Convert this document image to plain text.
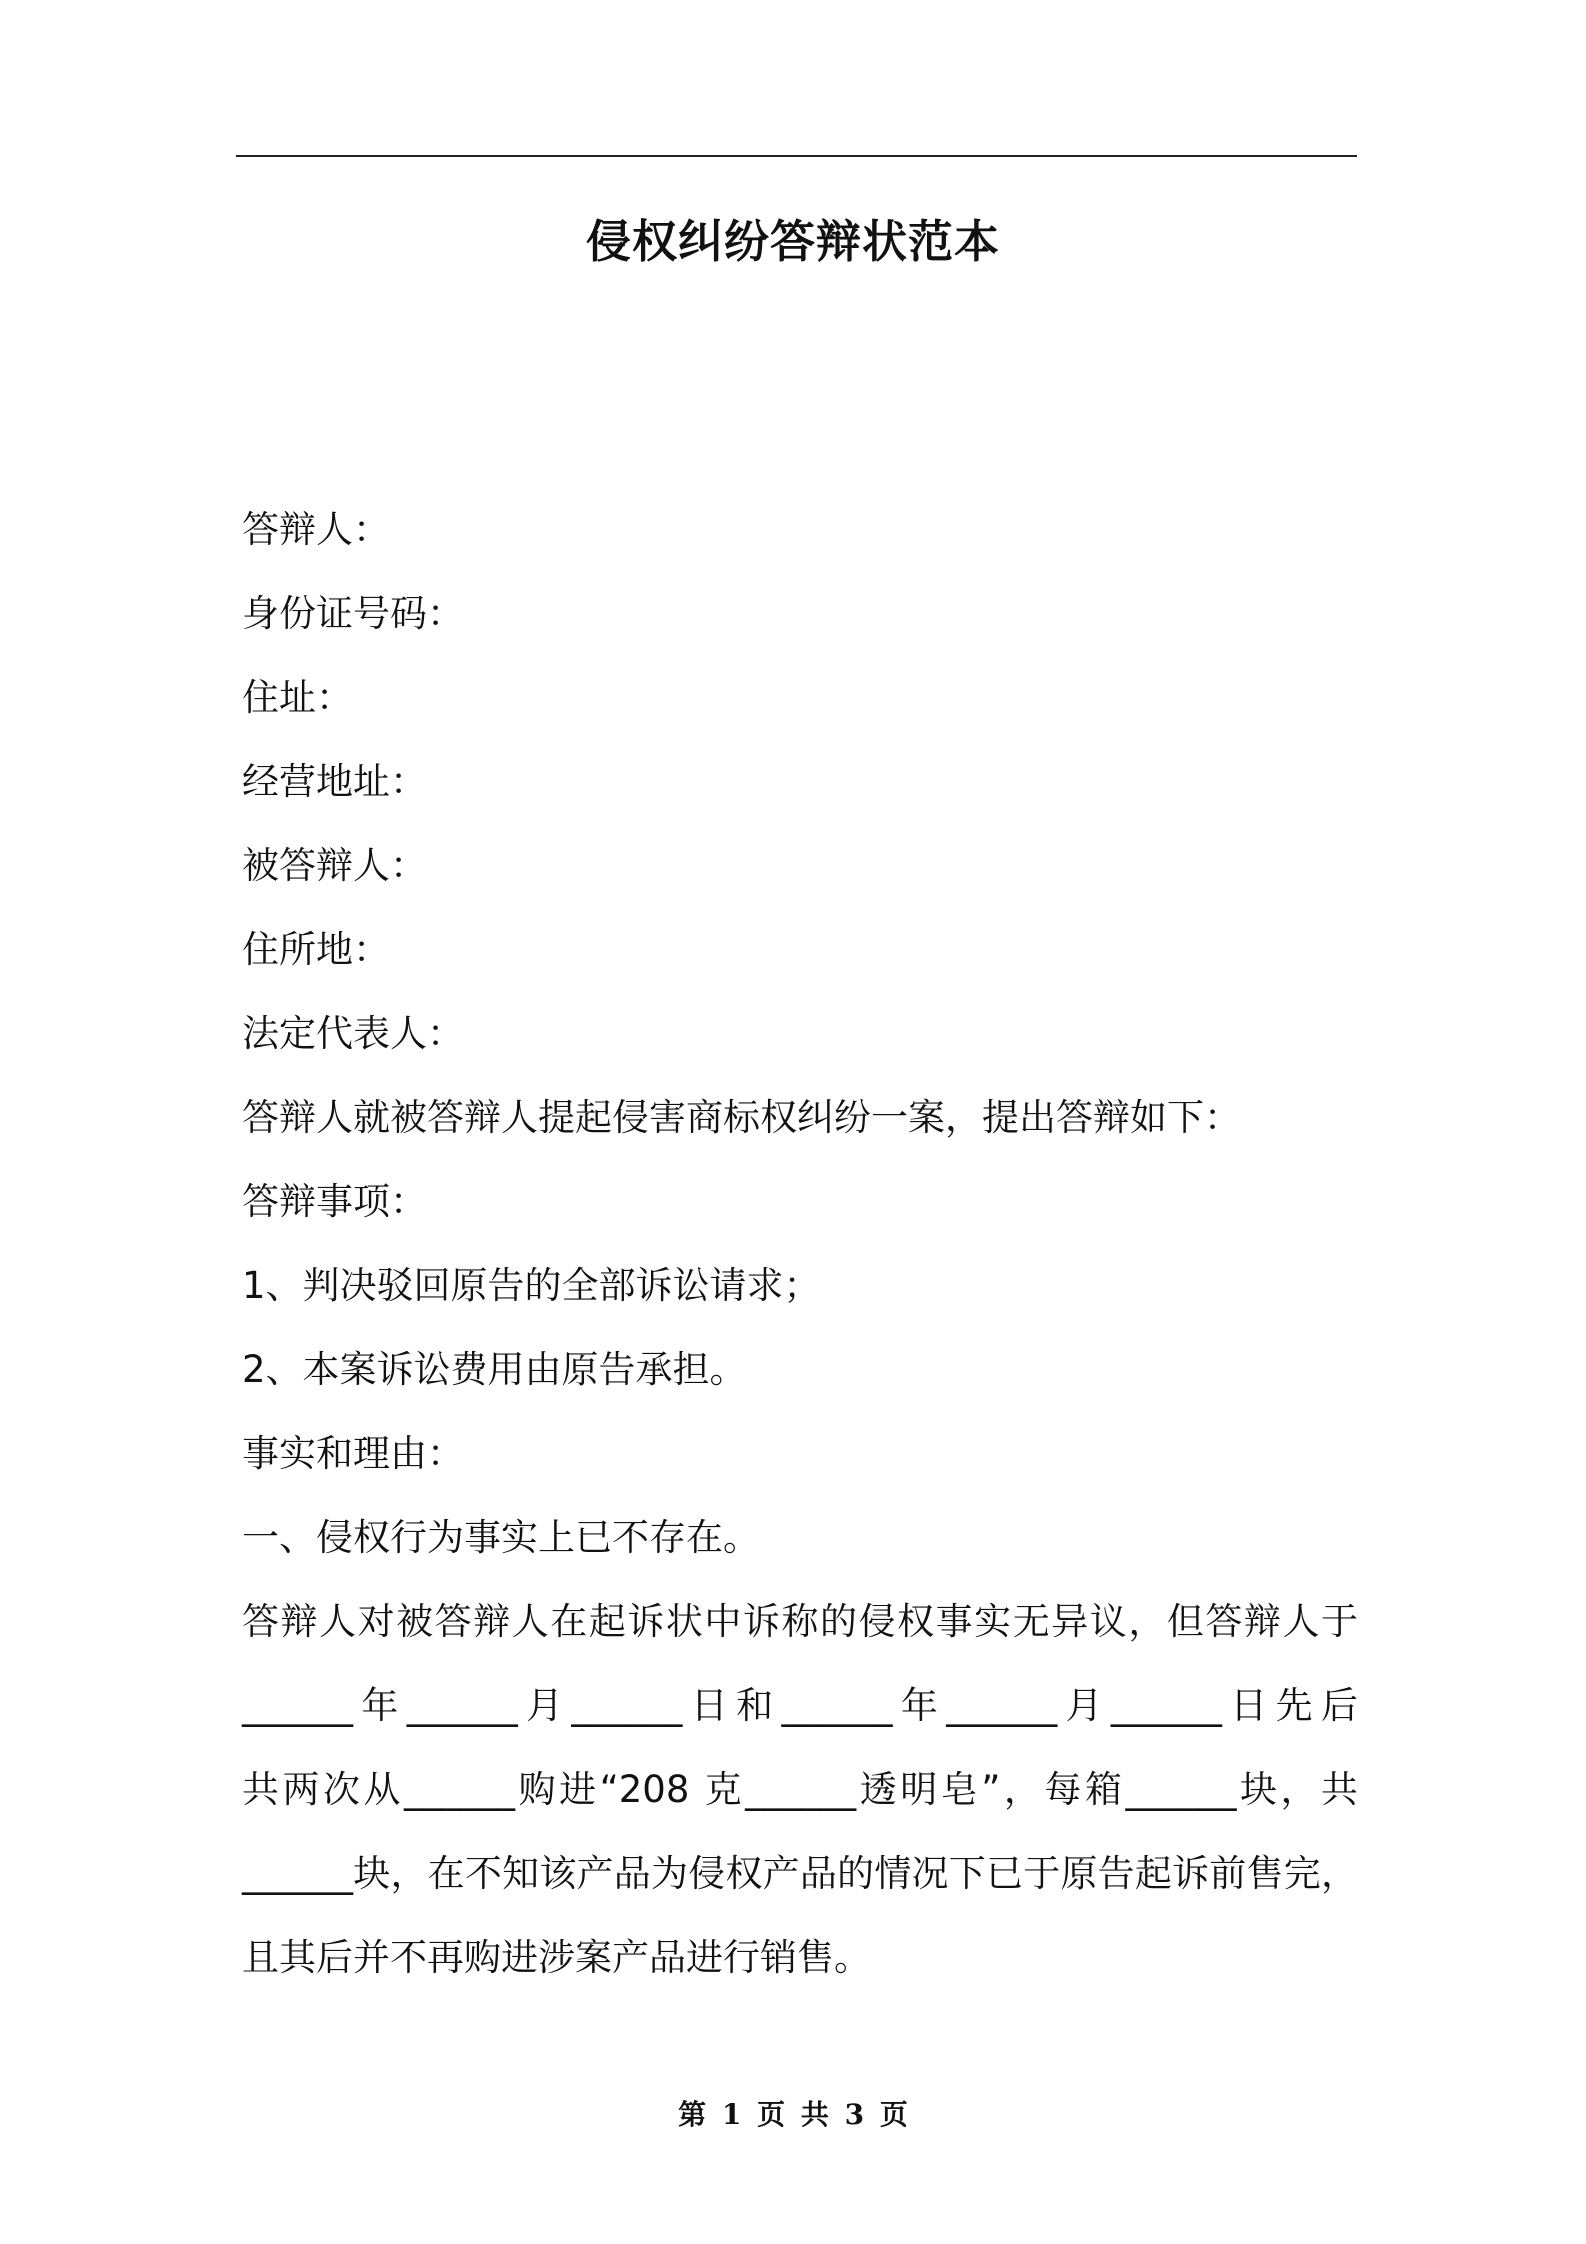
侵权纠纷答辩状范本
答辩人：
身份证号码：
住址：
经营地址：
被答辩人：
住所地：
法定代表人：
答辩人就被答辩人提起侵害商标权纠纷一案，提出答辩如下：
答辩事项：
1、判决驳回原告的全部诉讼请求；
2、本案诉讼费用由原告承担。
事实和理由：
一、侵权行为事实上已不存在。
答辩人对被答辩人在起诉状中诉称的侵权事实无异议，但答辩人于
______年______月______日和______年______月______日先后
共两次从______购进“208 克______透明皂”，每箱______块，共
______块，在不知该产品为侵权产品的情况下已于原告起诉前售完，
且其后并不再购进涉案产品进行销售。
第 1 页 共 3 页
